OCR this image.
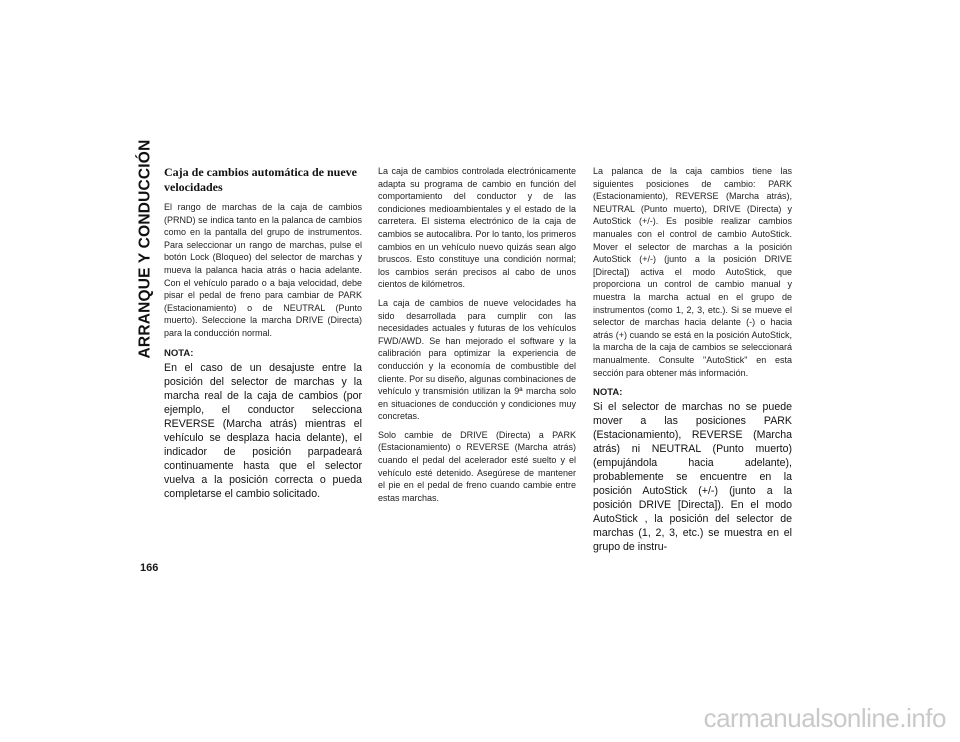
ARRANQUE Y CONDUCCIÓN Caja de cambios automática de nueve velocidades

El rango de marchas de la caja de cambios (PRND) se indica tanto en la palanca de cambios como en la pantalla del grupo de instrumentos. Para seleccionar un rango de marchas, pulse el botón Lock (Bloqueo) del selector de marchas y mueva la palanca hacia atrás o hacia adelante. Con el vehículo parado o a baja velocidad, debe pisar el pedal de freno para cambiar de PARK (Estacionamiento) o de NEUTRAL (Punto muerto). Seleccione la marcha DRIVE (Directa) para la conducción normal.

NOTA:

En el caso de un desajuste entre la posición del selector de marchas y la marcha real de la caja de cambios (por ejemplo, el conductor selecciona REVERSE (Marcha atrás) mientras el vehículo se desplaza hacia delante), el indicador de posición parpadeará continuamente hasta que el selector vuelva a la posición correcta o pueda completarse el cambio solicitado.

La caja de cambios controlada electrónicamente adapta su programa de cambio en función del comportamiento del conductor y de las condiciones medioambientales y el estado de la carretera. El sistema electrónico de la caja de cambios se autocalibra. Por lo tanto, los primeros cambios en un vehículo nuevo quizás sean algo bruscos. Esto constituye una condición normal; los cambios serán precisos al cabo de unos cientos de kilómetros.

La caja de cambios de nueve velocidades ha sido desarrollada para cumplir con las necesidades actuales y futuras de los vehículos FWD/AWD. Se han mejorado el software y la calibración para optimizar la experiencia de conducción y la economía de combustible del cliente. Por su diseño, algunas combinaciones de vehículo y transmisión utilizan la 9ª marcha solo en situaciones de conducción y condiciones muy concretas.

Solo cambie de DRIVE (Directa) a PARK (Estacionamiento) o REVERSE (Marcha atrás) cuando el pedal del acelerador esté suelto y el vehículo esté detenido. Asegúrese de mantener el pie en el pedal de freno cuando cambie entre estas marchas.

La palanca de la caja cambios tiene las siguientes posiciones de cambio: PARK (Estacionamiento), REVERSE (Marcha atrás), NEUTRAL (Punto muerto), DRIVE (Directa) y AutoStick (+/-). Es posible realizar cambios manuales con el control de cambio AutoStick. Mover el selector de marchas a la posición AutoStick (+/-) (junto a la posición DRIVE [Directa]) activa el modo AutoStick, que proporciona un control de cambio manual y muestra la marcha actual en el grupo de instrumentos (como 1, 2, 3, etc.). Si se mueve el selector de marchas hacia delante (-) o hacia atrás (+) cuando se está en la posición AutoStick, la marcha de la caja de cambios se seleccionará manualmente. Consulte "AutoStick" en esta sección para obtener más información.

NOTA:

Si el selector de marchas no se puede mover a las posiciones PARK (Estacionamiento), REVERSE (Marcha atrás) ni NEUTRAL (Punto muerto) (empujándola hacia adelante), probablemente se encuentre en la posición AutoStick (+/-) (junto a la posición DRIVE [Directa]). En el modo AutoStick , la posición del selector de marchas (1, 2, 3, etc.) se muestra en el grupo de instru-

166
carmanualsonline.info
